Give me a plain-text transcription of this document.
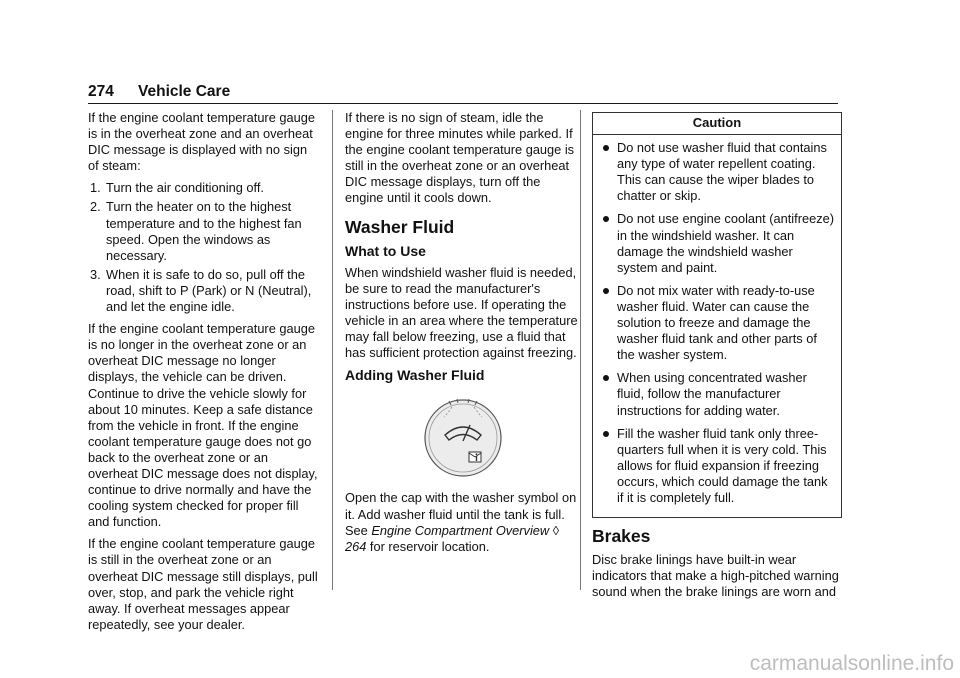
274 Vehicle Care

If the engine coolant temperature gauge is in the overheat zone and an overheat DIC message is displayed with no sign of steam:

1. Turn the air conditioning off.
2. Turn the heater on to the highest temperature and to the highest fan speed. Open the windows as necessary.
3. When it is safe to do so, pull off the road, shift to P (Park) or N (Neutral), and let the engine idle.

If the engine coolant temperature gauge is no longer in the overheat zone or an overheat DIC message no longer displays, the vehicle can be driven. Continue to drive the vehicle slowly for about 10 minutes. Keep a safe distance from the vehicle in front. If the engine coolant temperature gauge does not go back to the overheat zone or an overheat DIC message does not display, continue to drive normally and have the cooling system checked for proper fill and function.

If the engine coolant temperature gauge is still in the overheat zone or an overheat DIC message still displays, pull over, stop, and park the vehicle right away. If overheat messages appear repeatedly, see your dealer.

If there is no sign of steam, idle the engine for three minutes while parked. If the engine coolant temperature gauge is still in the overheat zone or an overheat DIC message displays, turn off the engine until it cools down.

Washer Fluid
What to Use

When windshield washer fluid is needed, be sure to read the manufacturer's instructions before use. If operating the vehicle in an area where the temperature may fall below freezing, use a fluid that has sufficient protection against freezing.

Adding Washer Fluid

Open the cap with the washer symbol on it. Add washer fluid until the tank is full. See Engine Compartment Overview ◊ 264 for reservoir location.

Caution
Do not use washer fluid that contains any type of water repellent coating. This can cause the wiper blades to chatter or skip.
Do not use engine coolant (antifreeze) in the windshield washer. It can damage the windshield washer system and paint.
Do not mix water with ready-to-use washer fluid. Water can cause the solution to freeze and damage the washer fluid tank and other parts of the washer system.
When using concentrated washer fluid, follow the manufacturer instructions for adding water.
Fill the washer fluid tank only three-quarters full when it is very cold. This allows for fluid expansion if freezing occurs, which could damage the tank if it is completely full.
Brakes

Disc brake linings have built-in wear indicators that make a high-pitched warning sound when the brake linings are worn and

carmanualsonline.info
